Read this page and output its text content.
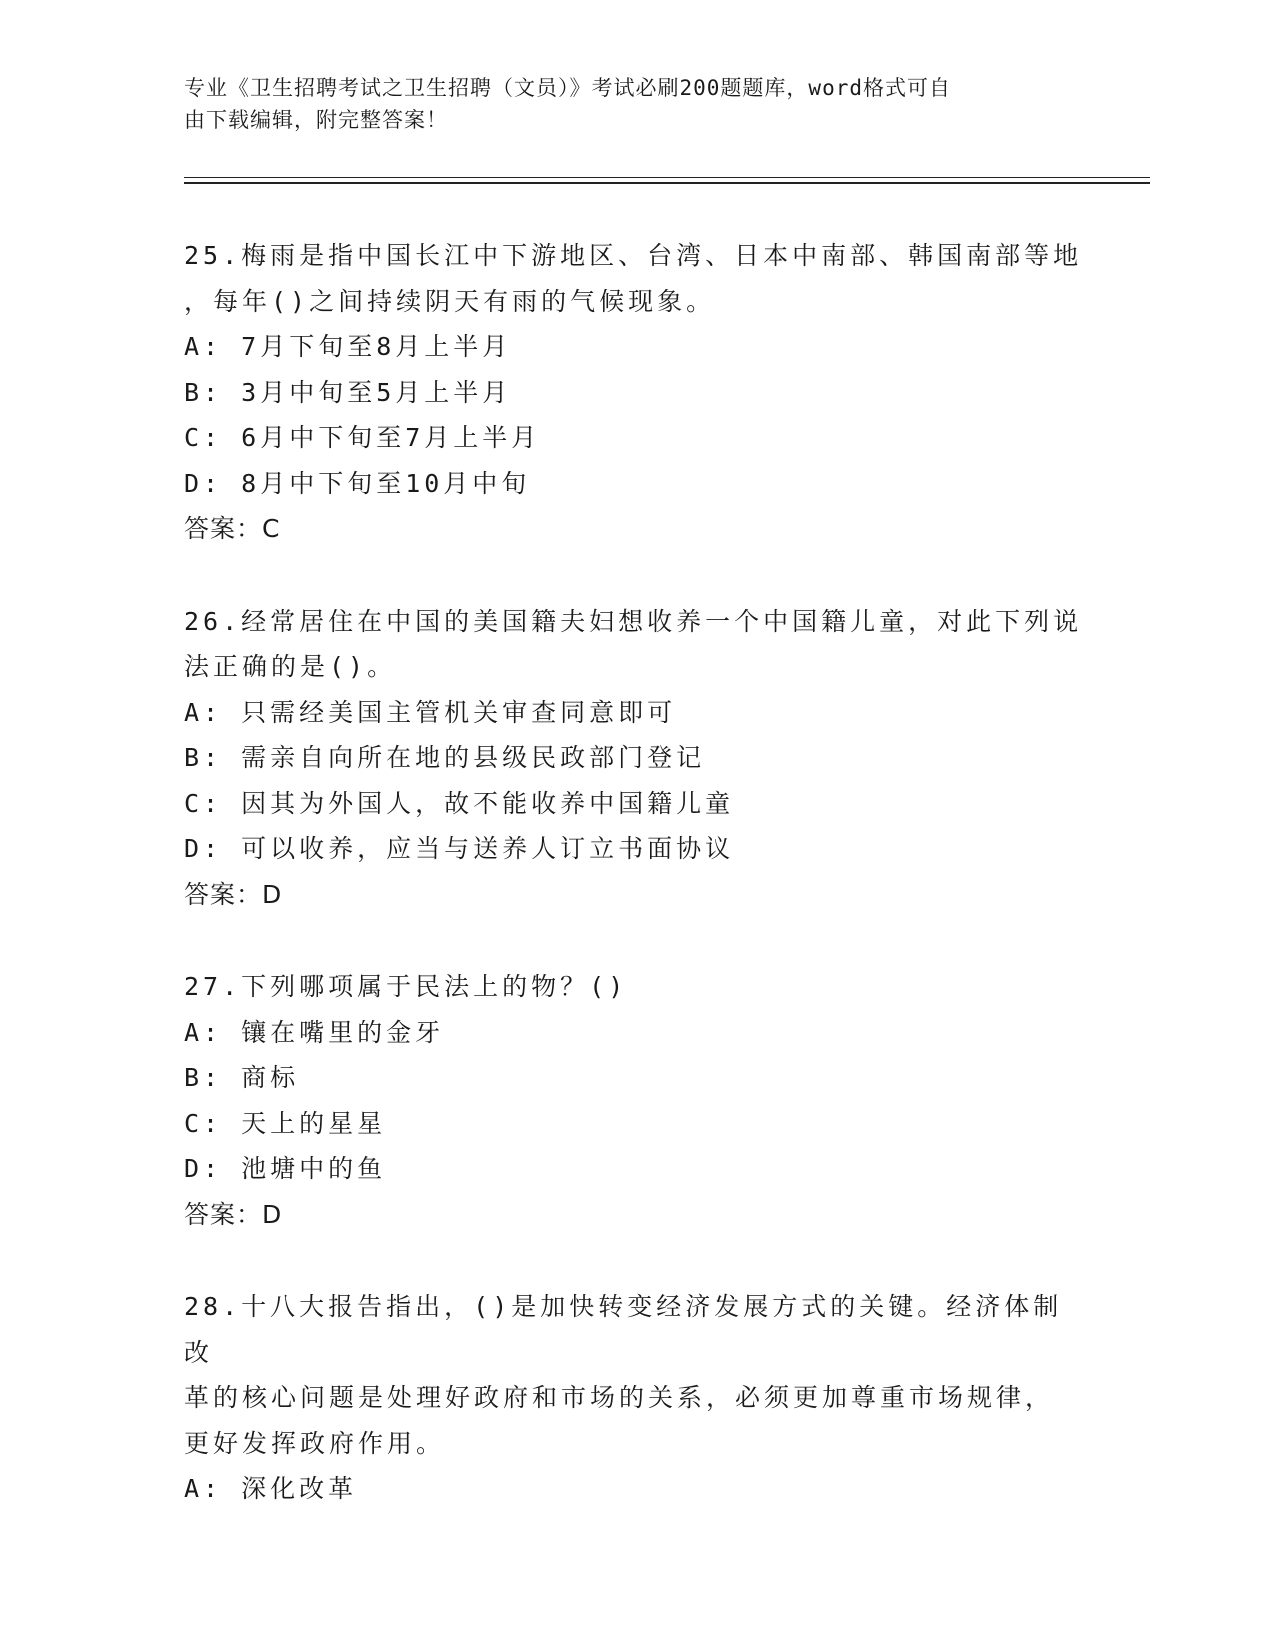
专业《卫生招聘考试之卫生招聘（文员）》考试必刷200题题库，word格式可自
由下载编辑，附完整答案！
25.梅雨是指中国长江中下游地区、台湾、日本中南部、韩国南部等地
，每年()之间持续阴天有雨的气候现象。
A: 7月下旬至8月上半月
B: 3月中旬至5月上半月
C: 6月中下旬至7月上半月
D: 8月中下旬至10月中旬
答案：C
26.经常居住在中国的美国籍夫妇想收养一个中国籍儿童，对此下列说
法正确的是()。
A: 只需经美国主管机关审查同意即可
B: 需亲自向所在地的县级民政部门登记
C: 因其为外国人，故不能收养中国籍儿童
D: 可以收养，应当与送养人订立书面协议
答案：D
27.下列哪项属于民法上的物？()
A: 镶在嘴里的金牙
B: 商标
C: 天上的星星
D: 池塘中的鱼
答案：D
28.十八大报告指出，()是加快转变经济发展方式的关键。经济体制改
革的核心问题是处理好政府和市场的关系，必须更加尊重市场规律，
更好发挥政府作用。
A: 深化改革
